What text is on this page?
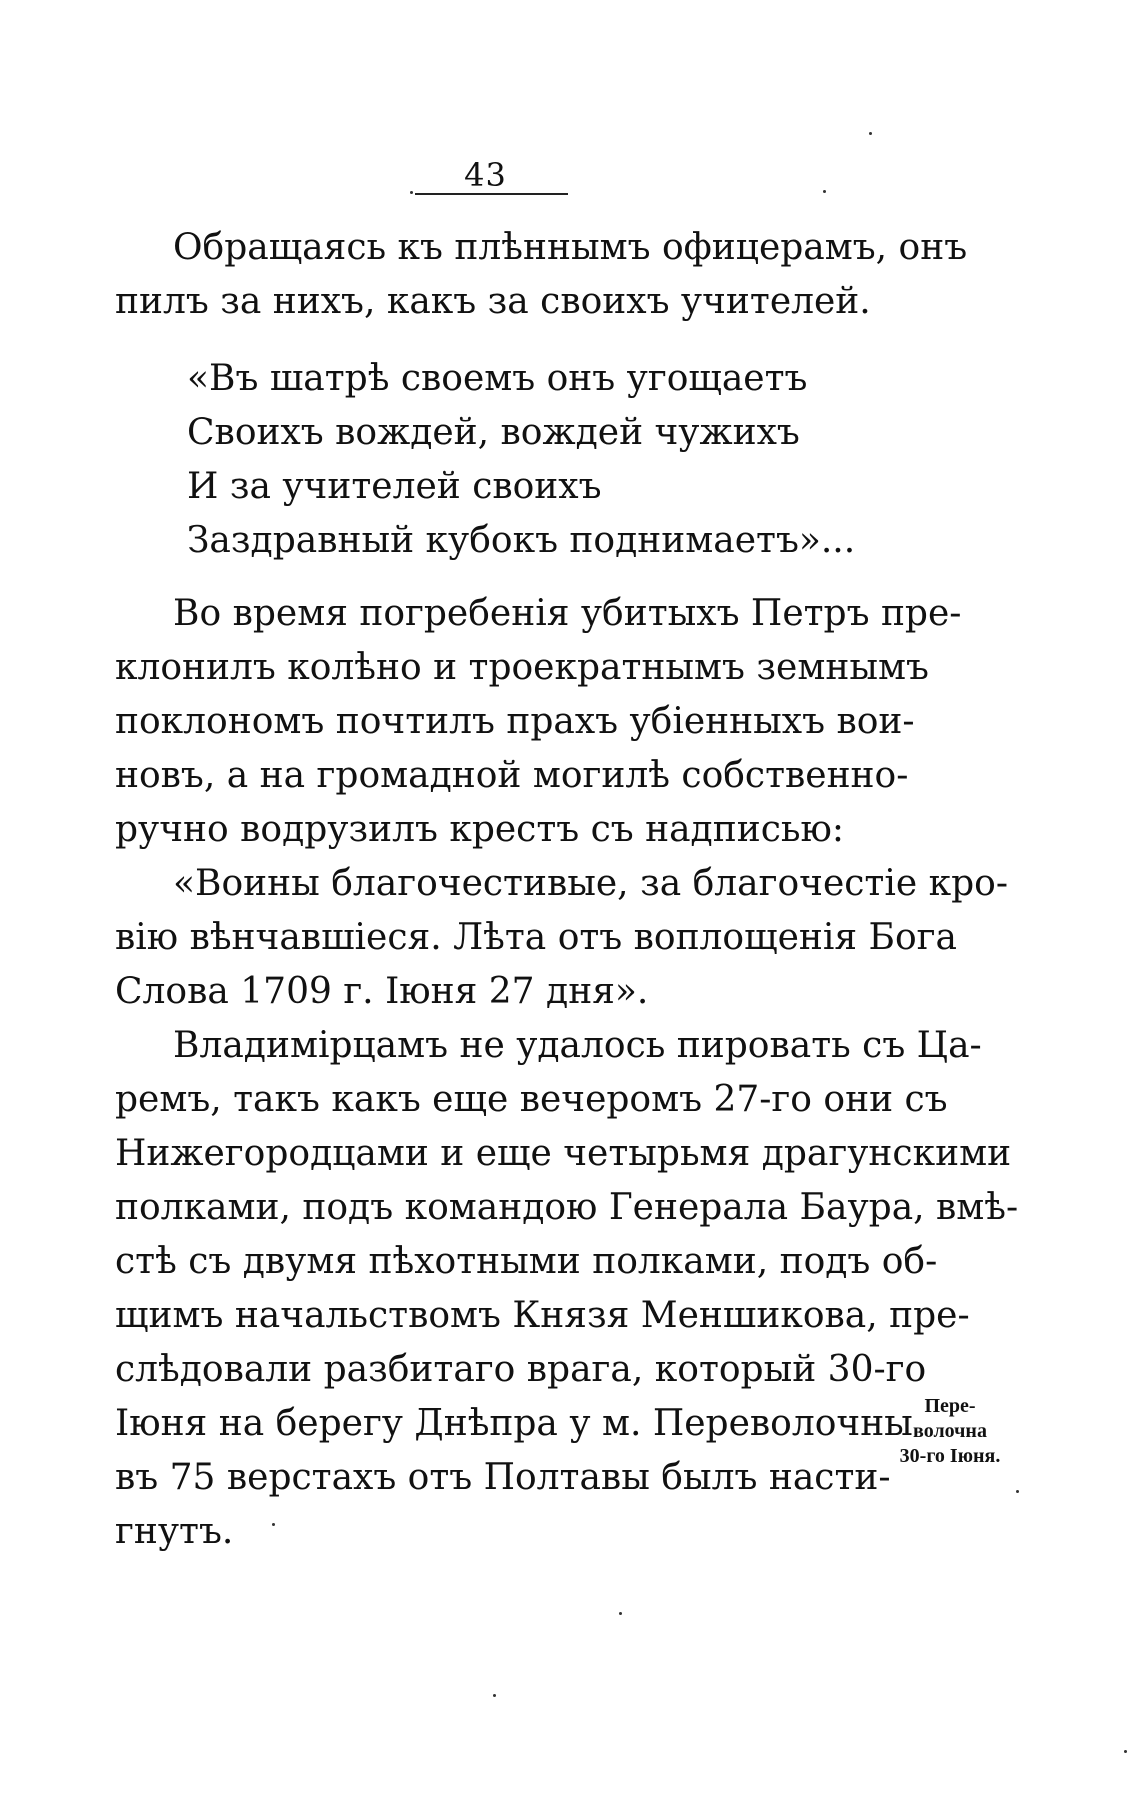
43
Обращаясь къ плѣннымъ офицерамъ, онъ
пилъ за нихъ, какъ за своихъ учителей.
«Въ шатрѣ своемъ онъ угощаетъ
Своихъ вождей, вождей чужихъ
И за учителей своихъ
Заздравный кубокъ поднимаетъ»...
Во время погребенія убитыхъ Петръ пре-
клонилъ колѣно и троекратнымъ земнымъ
поклономъ почтилъ прахъ убіенныхъ вои-
новъ, а на громадной могилѣ собственно-
ручно водрузилъ крестъ съ надписью:
«Воины благочестивые, за благочестіе кро-
вію вѣнчавшіеся. Лѣта отъ воплощенія Бога
Слова 1709 г. Іюня 27 дня».
Владимірцамъ не удалось пировать съ Ца-
ремъ, такъ какъ еще вечеромъ 27-го они съ
Нижегородцами и еще четырьмя драгунскими
полками, подъ командою Генерала Баура, вмѣ-
стѣ съ двумя пѣхотными полками, подъ об-
щимъ начальствомъ Князя Меншикова, пре-
слѣдовали разбитаго врага, который 30-го
Іюня на берегу Днѣпра у м. Переволочны
въ 75 верстахъ отъ Полтавы былъ насти-
гнутъ.
Пере-
волочна
30-го Іюня.
